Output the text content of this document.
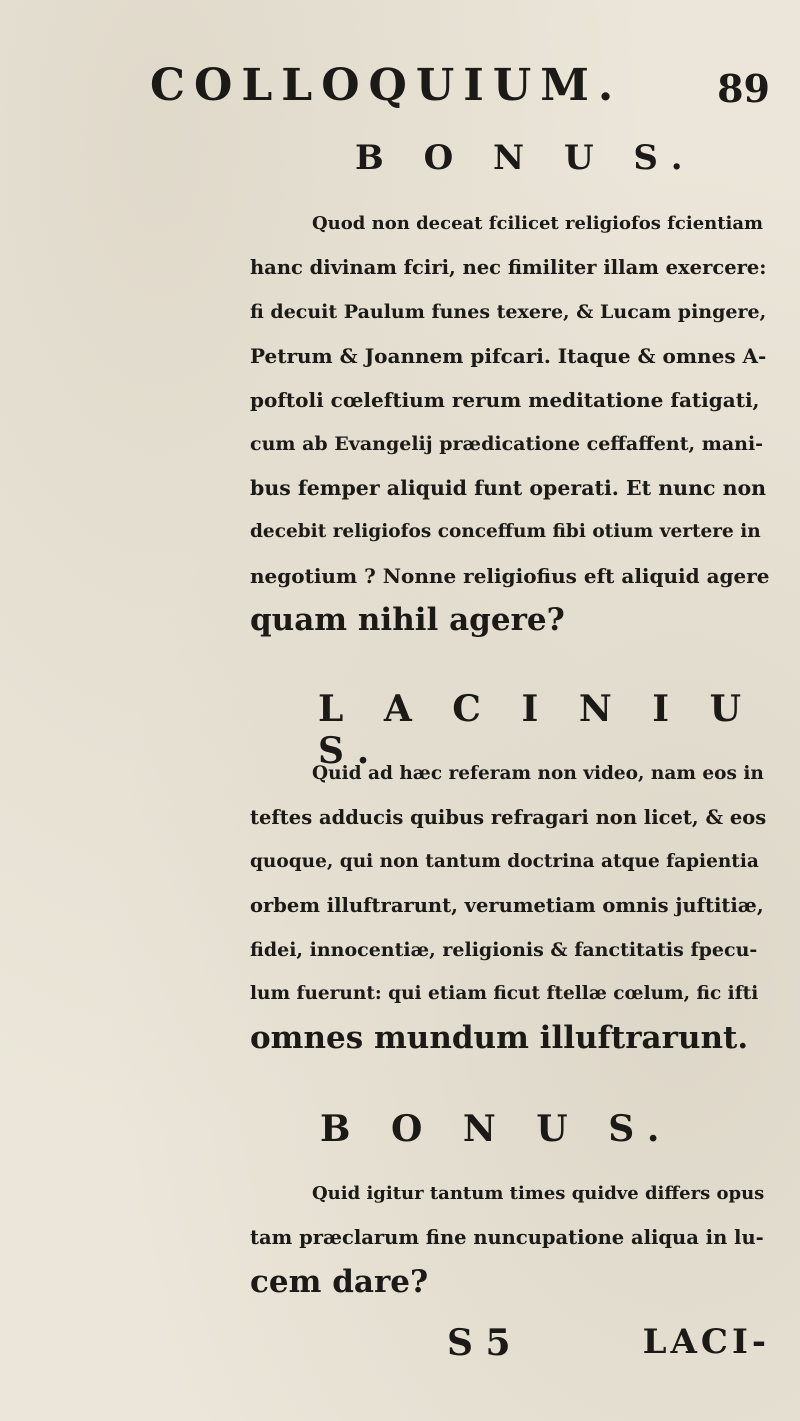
COLLOQUIUM. 89
B O N U S.
Quod non deceat fcilicet religiofos fcientiam
hanc divinam fciri, nec fimiliter illam exercere:
fi decuit Paulum funes texere, & Lucam pingere,
Petrum & Joannem pifcari. Itaque & omnes A-
poftoli cœleftium rerum meditatione fatigati,
cum ab Evangelij prædicatione ceffaffent, mani-
bus femper aliquid funt operati. Et nunc non
decebit religiofos conceffum fibi otium vertere in
negotium ? Nonne religiofius eft aliquid agere
quam nihil agere?
L A C I N I U S.
Quid ad hæc referam non video, nam eos in
teftes adducis quibus refragari non licet, & eos
quoque, qui non tantum doctrina atque fapientia
orbem illuftrarunt, verumetiam omnis juftitiæ,
fidei, innocentiæ, religionis & fanctitatis fpecu-
lum fuerunt: qui etiam ficut ftellæ cœlum, fic ifti
omnes mundum illuftrarunt.
B O N U S.
Quid igitur tantum times quidve differs opus
tam præclarum fine nuncupatione aliqua in lu-
cem dare?
S 5	LACI-
